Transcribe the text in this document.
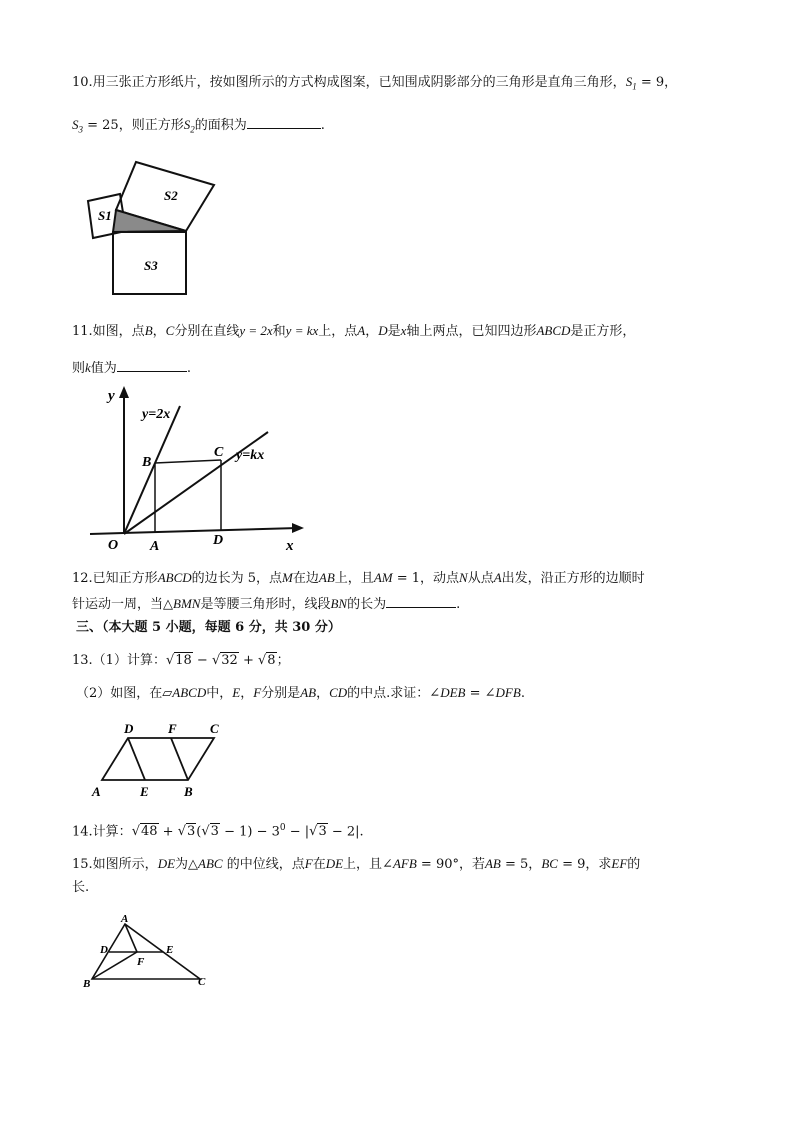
10.用三张正方形纸片，按如图所示的方式构成图案，已知围成阴影部分的三角形是直角三角形，$S_1 = 9$，
$S_3 = 25$，则正方形$S_2$的面积为	.
S1
S2
S3
11.如图，点B，C分别在直线y = 2x和y = kx上，点A，D是x轴上两点，已知四边形ABCD是正方形，
则k值为	.
y
x
O A	D
B
C
y=2x
y=kx
12.已知正方形ABCD的边长为 5，点M在边AB上，且AM = 1，动点N从点A出发，沿正方形的边顺时
针运动一周，当△BMN是等腰三角形时，线段BN的长为	.
三、（本大题 5 小题，每题 6 分，共 30 分）
13.（1）计算：√18 − √32 + √8；
（2）如图，在▱ABCD中，E，F分别是AB，CD的中点.求证：∠DEB = ∠DFB.
D	F	C
A	E	B
14.计算：$√48 + √3(√3 - 1) - 3^0 - |√3 - 2|$.
15.如图所示，DE为△ABC 的中位线，点F在DE上，且∠AFB = 90°，若AB = 5，BC = 9，求EF的
长.
A
D	E
F
B	C
